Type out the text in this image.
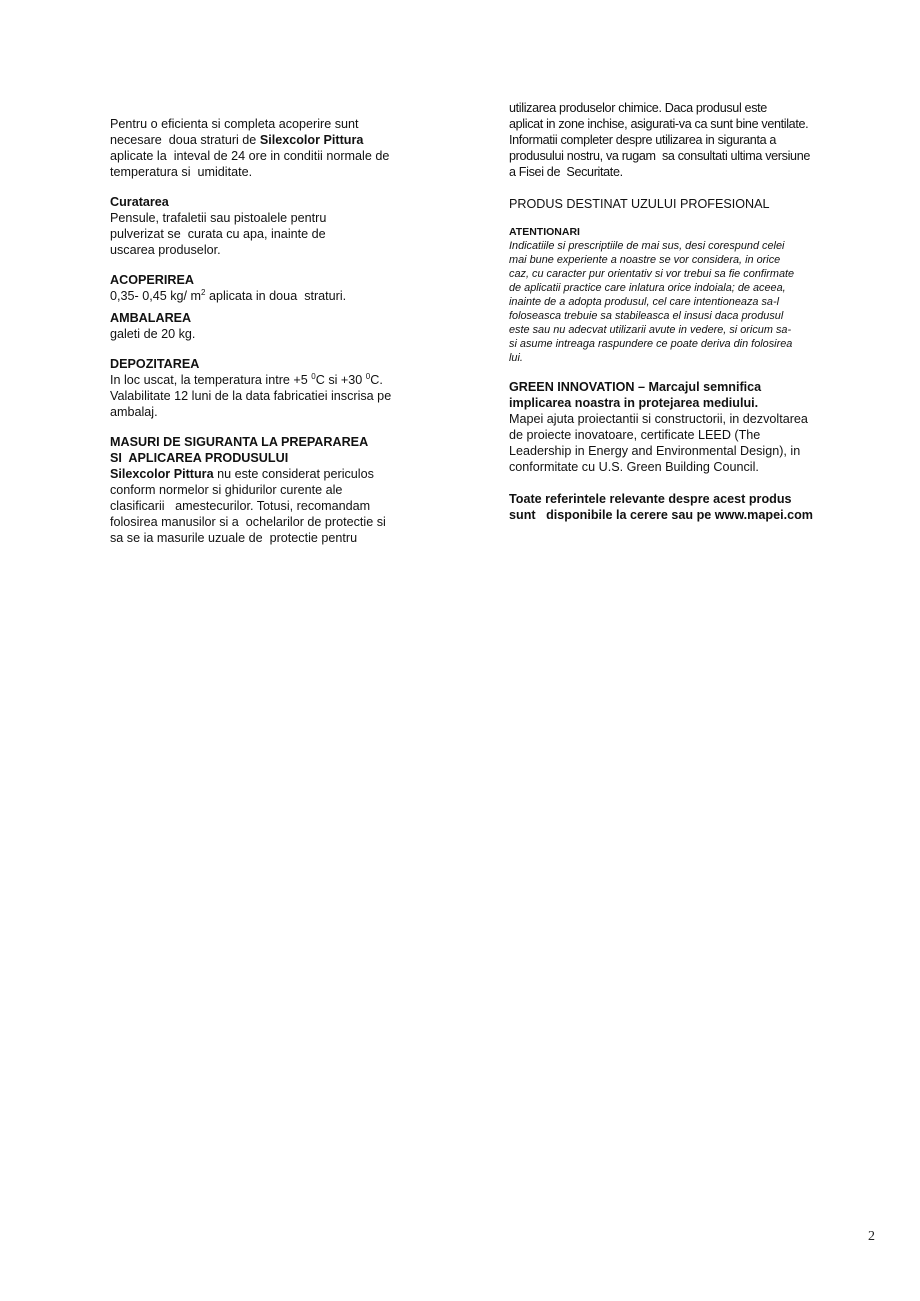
Pentru o eficienta si completa acoperire sunt
necesare  doua straturi de Silexcolor Pittura
aplicate la  inteval de 24 ore in conditii normale de
temperatura si  umiditate.
Curatarea
Pensule, trafaletii sau pistoalele pentru
pulverizat se  curata cu apa, inainte de
uscarea produselor.
ACOPERIREA
0,35- 0,45 kg/ $m^2$ aplicata in doua  straturi.
AMBALAREA
galeti de 20 kg.
DEPOZITAREA
In loc uscat, la temperatura intre +5 $^0$C si +30 $^0$C.
Valabilitate 12 luni de la data fabricatiei inscrisa pe
ambalaj.
MASURI DE SIGURANTA LA PREPARAREA
SI  APLICAREA PRODUSULUI
Silexcolor Pittura nu este considerat periculos
conform normelor si ghidurilor curente ale
clasificarii   amestecurilor. Totusi, recomandam
folosirea manusilor si a  ochelarilor de protectie si
sa se ia masurile uzuale de  protectie pentru
utilizarea produselor chimice. Daca produsul este
aplicat in zone inchise, asigurati-va ca sunt bine ventilate.
Informatii completer despre utilizarea in siguranta a
produsului nostru, va rugam  sa consultati ultima versiune
a Fisei de  Securitate.
PRODUS DESTINAT UZULUI PROFESIONAL
ATENTIONARI
Indicatiile si prescriptiile de mai sus, desi corespund celei
mai bune experiente a noastre se vor considera, in orice
caz, cu caracter pur orientativ si vor trebui sa fie confirmate
de aplicatii practice care inlatura orice indoiala; de aceea,
inainte de a adopta produsul, cel care intentioneaza sa-l
foloseasca trebuie sa stabileasca el insusi daca produsul
este sau nu adecvat utilizarii avute in vedere, si oricum sa-
si asume intreaga raspundere ce poate deriva din folosirea
lui.
GREEN INNOVATION – Marcajul semnifica
implicarea noastra in protejarea mediului.
Mapei ajuta proiectantii si constructorii, in dezvoltarea
de proiecte inovatoare, certificate LEED (The
Leadership in Energy and Environmental Design), in
conformitate cu U.S. Green Building Council.
Toate referintele relevante despre acest produs
sunt   disponibile la cerere sau pe www.mapei.com
2
